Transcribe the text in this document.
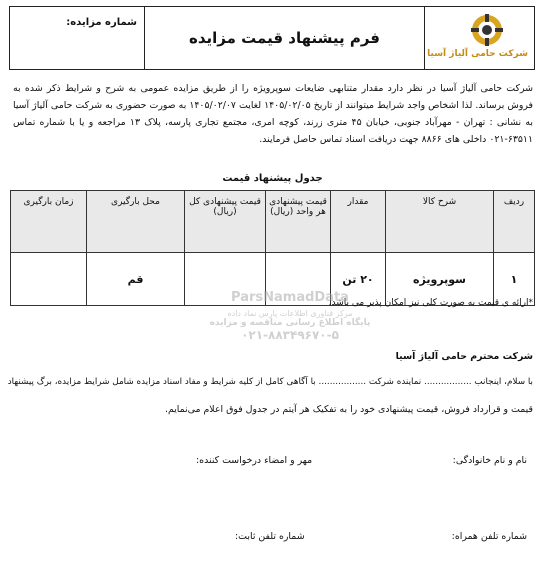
شرکت حامی آلیاژ آسیا
فرم پیشنهاد قیمت مزایده
شماره مزایده:
شرکت حامی آلیاژ آسیا در نظر دارد مقدار متنابهی ضایعات سوپرویژه را از طریق مزایده عمومی به شرح و شرایط ذکر شده به فروش برساند. لذا اشخاص واجد شرایط میتوانند از تاریخ ۱۴۰۵/۰۲/۰۵ لغایت ۱۴۰۵/۰۲/۰۷ به صورت حضوری به شرکت حامی آلیاژ آسیا به نشانی : تهران - مهرآباد جنوبی، خیابان ۴۵ متری زرند، کوچه امری، مجتمع تجاری پارسه، پلاک ۱۳ مراجعه و یا با شماره تماس ۶۳۵۱۱-۰۲۱ داخلی های ۸۸۶۶ جهت دریافت اسناد تماس حاصل فرمایند.
جدول پیشنهاد قیمت
ردیف	شرح کالا	مقدار	قیمت پیشنهادی هر واحد (ریال)	قیمت پیشنهادی کل (ریال)	محل بارگیری	زمان بارگیری
۱	سوپرویژه	۲۰ تن			قم	
*ارائه ی قیمت به صورت کلی نیز امکان پذیر می باشد.
ParsNamadData
مرکز فناوری اطلاعات پارس نماد داده
پایگاه اطلاع رسانی مناقصه و مزایده
۰۲۱-۸۸۳۴۹۶۷۰-۵
شرکت محترم حامی آلیاژ آسیا
با سلام، اینجانب ................. نماینده شرکت ................. با آگاهی کامل از کلیه شرایط و مفاد اسناد مزایده شامل شرایط مزایده، برگ پیشنهاد
قیمت و قرارداد فروش، قیمت پیشنهادی خود را به تفکیک هر آیتم در جدول فوق اعلام می‌نمایم.
نام و نام خانوادگی:
مهر و امضاء درخواست کننده:
شماره تلفن همراه:
شماره تلفن ثابت:
